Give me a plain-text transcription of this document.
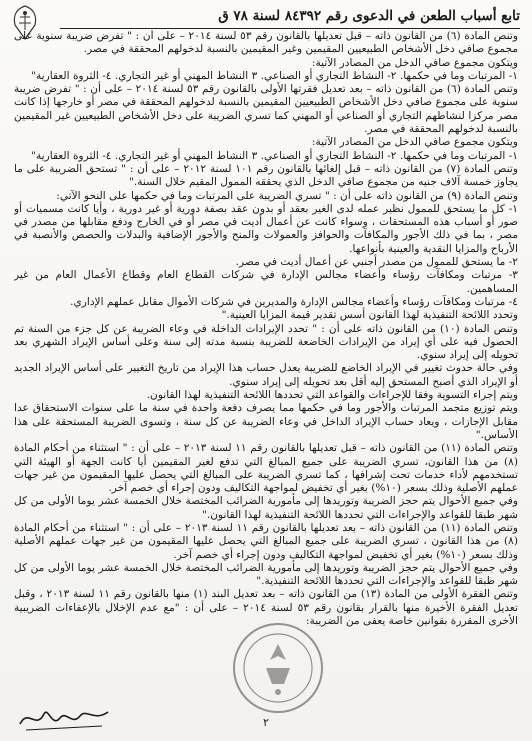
تابع أسباب الطعن في الدعوى رقم ٨٤٣٩٢ لسنة ٧٨ ق

وتنص المادة (٦) من القانون ذاته – قبل تعديلها بالقانون رقم ٥٣ لسنة ٢٠١٤ – على أن : " تفرض ضريبة سنوية على مجموع صافي دخل الأشخاص الطبيعيين المقيمين وغير المقيمين بالنسبة لدخولهم المحققة في مصر.

ويتكون مجموع صافي الدخل من المصادر الآتية:

١- المرتبات وما في حكمها. ٢- النشاط التجاري أو الصناعي. ٣ النشاط المهني أو غير التجاري. ٤- الثروة العقارية"

وتنص المادة (٦) من القانون ذاته – بعد تعديل فقرتها الأولى بالقانون رقم ٥٣ لسنة ٢٠١٤ – على أن : " تفرض ضريبة سنوية على مجموع صافي دخل الأشخاص الطبيعيين المقيمين بالنسبة لدخولهم المحققة في مصر أو خارجها إذا كانت مصر مركزا لنشاطهم التجاري أو الصناعي أو المهني كما تسري الضريبة على دخل الأشخاص الطبيعيين غير المقيمين بالنسبة لدخولهم المحققة في مصر.

ويتكون مجموع صافي الدخل من المصادر الآتية:

١- المرتبات وما في حكمها. ٢- النشاط التجاري أو الصناعي. ٣ النشاط المهني أو غير التجاري. ٤- الثروة العقارية"

وتنص المادة (٧) من القانون ذاته – قبل إلغائها بالقانون رقم ١٠١ لسنة ٢٠١٢ – على أن : " تستحق الضريبة على ما يجاوز خمسة آلاف جنيه من مجموع صافي الدخل الذي يحققه الممول المقيم خلال السنة."

وتنص المادة (٩) من القانون ذاته على أن : " تسري الضريبة على المرتبات وما في حكمها على النحو الآتي:

١- كل ما يستحق للممول نظير عمله لدى الغير بعقد أو بدون عقد بصفة دورية أو غير دورية ، وأيا كانت مسميات أو صور أو أسباب هذه المستحقات ، وسواء كانت عن أعمال أديت في مصر أو في الخارج ودفع مقابلها من مصدر في مصر ، بما في ذلك الأجور والمكافآت والحوافز والعمولات والمنح والأجور الإضافية والبدلات والحصص والأنصبة في الأرباح والمزايا النقدية والعينية بأنواعها.

٢- ما يستحق للممول من مصدر أجنبي عن أعمال أديت في مصر.

٣- مرتبات ومكافآت رؤساء وأعضاء مجالس الإدارة في شركات القطاع العام وقطاع الأعمال العام من غير المساهمين.

٤- مرتبات ومكافآت رؤساء وأعضاء مجالس الإدارة والمديرين في شركات الأموال مقابل عملهم الإداري.

وتحدد اللائحة التنفيذية لهذا القانون أسس تقدير قيمة المزايا العينية."

وتنص المادة (١٠) من القانون ذاته على أن : " تحدد الإيرادات الداخلة في وعاء الضريبة عن كل جزء من السنة تم الحصول فيه على أي إيراد من الإيرادات الخاضعة للضريبة بنسبة مدته إلى سنة وعلى أساس الإيراد الشهري بعد تحويله إلى إيراد سنوي.

وفي حالة حدوث تغيير في الإيراد الخاضع للضريبة يعدل حساب هذا الإيراد من تاريخ التغيير على أساس الإيراد الجديد أو الإيراد الذي أصبح المستحق إليه أقل بعد تحويله إلى إيراد سنوي.

ويتم إجراء التسوية وفقا للإجراءات والقواعد التي تحددها اللائحة التنفيذية لهذا القانون.

ويتم توزيع متجمد المرتبات والأجور وما في حكمها مما يصرف دفعة واحدة في سنة ما على سنوات الاستحقاق عدا مقابل الإجازات ، ويعاد حساب الإيراد الداخل في وعاء الضريبة عن كل سنة ، وتسوى الضريبة المستحقة على هذا الأساس."

وتنص المادة (١١) من القانون ذاته – قبل تعديلها بالقانون رقم ١١ لسنة ٢٠١٣ – على أن : " استثناء من أحكام المادة (٨) من هذا القانون، تسري الضريبة على جميع المبالغ التي تدفع لغير المقيمين أيا كانت الجهة أو الهيئة التي تستخدمهم لأداء خدمات تحت إشرافها ، كما تسري الضريبة على المبالغ التي يحصل عليها المقيمون من غير جهات عملهم الأصلية وذلك بسعر (١٠%) بغير أي تخفيض لمواجهة التكاليف ودون إجراء أي خصم آخر.

وفي جميع الأحوال يتم حجز الضريبة وتوريدها إلى مأمورية الضرائب المختصة خلال الخمسة عشر يوما الأولى من كل شهر طبقا للقواعد والإجراءات التي تحددها اللائحة التنفيذية لهذا القانون."

وتنص المادة (١١) من القانون ذاته – بعد تعديلها بالقانون رقم ١١ لسنة ٢٠١٣ – على أن : " استثناء من أحكام المادة (٨) من هذا القانون ، تسري الضريبة على جميع المبالغ التي يحصل عليها المقيمون من غير جهات عملهم الأصلية وذلك بسعر (١٠%) بغير أي تخفيض لمواجهة التكاليف ودون إجراء أي خصم آخر.

وفي جميع الأحوال يتم حجز الضريبة وتوريدها إلى مأمورية الضرائب المختصة خلال الخمسة عشر يوما الأولى من كل شهر طبقا للقواعد والإجراءات التي تحددها اللائحة التنفيذية."

وتنص الفقرة الأولى من المادة (١٣) من القانون ذاته – بعد تعديل البند (١) منها بالقانون رقم ١١ لسنة ٢٠١٣ ، وقبل تعديل الفقرة الأخيرة منها بالقرار بقانون رقم ٥٣ لسنة ٢٠١٤ – على أن : "مع عدم الإخلال بالإعفاءات الضريبية الأخرى المقررة بقوانين خاصة يعفى من الضريبة:

٢
